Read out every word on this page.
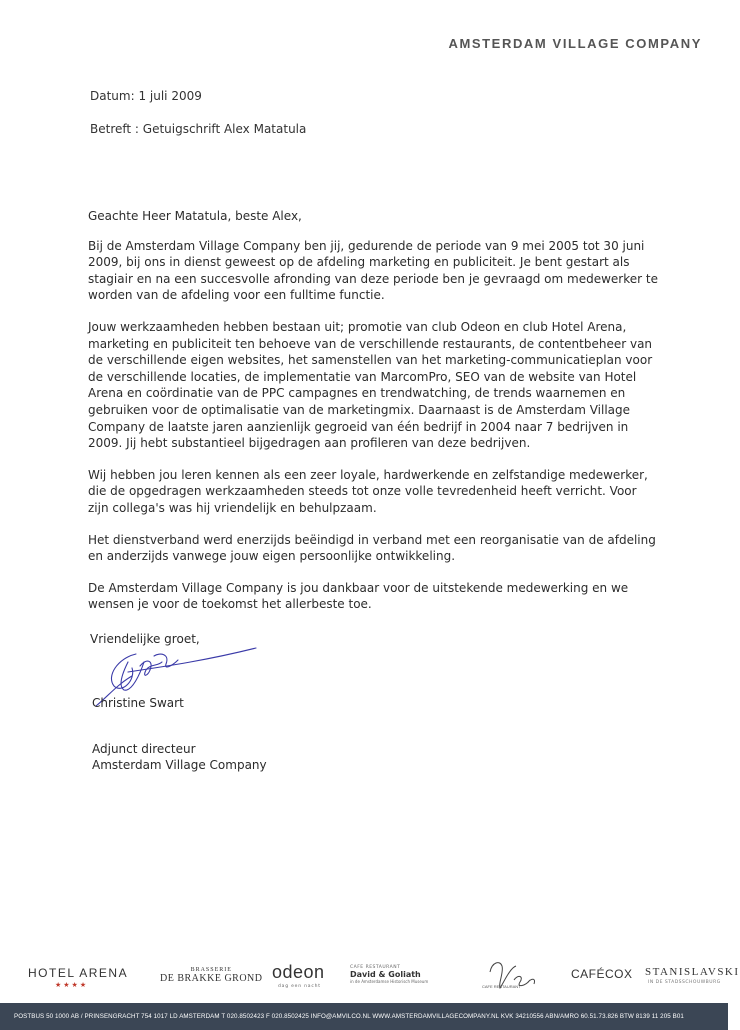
AMSTERDAM VILLAGE COMPANY
Datum: 1 juli 2009
Betreft : Getuigschrift Alex Matatula

Geachte Heer Matatula, beste Alex,

Bij de Amsterdam Village Company ben jij, gedurende de periode van 9 mei 2005 tot 30 juni 2009, bij ons in dienst geweest op de afdeling marketing en publiciteit. Je bent gestart als stagiair en na een succesvolle afronding van deze periode ben je gevraagd om medewerker te worden van de afdeling voor een fulltime functie.

Jouw werkzaamheden hebben bestaan uit; promotie van club Odeon en club Hotel Arena, marketing en publiciteit ten behoeve van de verschillende restaurants, de contentbeheer van de verschillende eigen websites, het samenstellen van het marketing-communicatieplan voor de verschillende locaties, de implementatie van MarcomPro, SEO van de website van Hotel Arena en coördinatie van de PPC campagnes en trendwatching, de trends waarnemen en gebruiken voor de optimalisatie van de marketingmix. Daarnaast is de Amsterdam Village Company de laatste jaren aanzienlijk gegroeid van één bedrijf in 2004 naar 7 bedrijven in 2009. Jij hebt substantieel bijgedragen aan profileren van deze bedrijven.

Wij hebben jou leren kennen als een zeer loyale, hardwerkende en zelfstandige medewerker, die de opgedragen werkzaamheden steeds tot onze volle tevredenheid heeft verricht. Voor zijn collega's was hij vriendelijk en behulpzaam.

Het dienstverband werd enerzijds beëindigd in verband met een reorganisatie van de afdeling en anderzijds vanwege jouw eigen persoonlijke ontwikkeling.

De Amsterdam Village Company is jou dankbaar voor de uitstekende medewerking en we wensen je voor de toekomst het allerbeste toe.

Vriendelijke groet,
Christine Swart
Adjunct directeur
Amsterdam Village Company
HOTEL ARENA
★★★★
BRASSERIE
DE BRAKKE GROND odeon
dag een nacht
CAFE RESTAURANT
David & Goliath
in de Amsterdamse Historisch Museum
CAFE RESTAURANT
Neva
CAFÉCOX STANISLAVSKI
IN DE STADSSCHOUWBURG
POSTBUS 50 1000 AB / PRINSENGRACHT 754 1017 LD AMSTERDAM T 020.8502423 F 020.8502425 INFO@AMVILCO.NL WWW.AMSTERDAMVILLAGECOMPANY.NL KVK 34210556 ABN/AMRO 60.51.73.826 BTW 8139 11 205 B01
